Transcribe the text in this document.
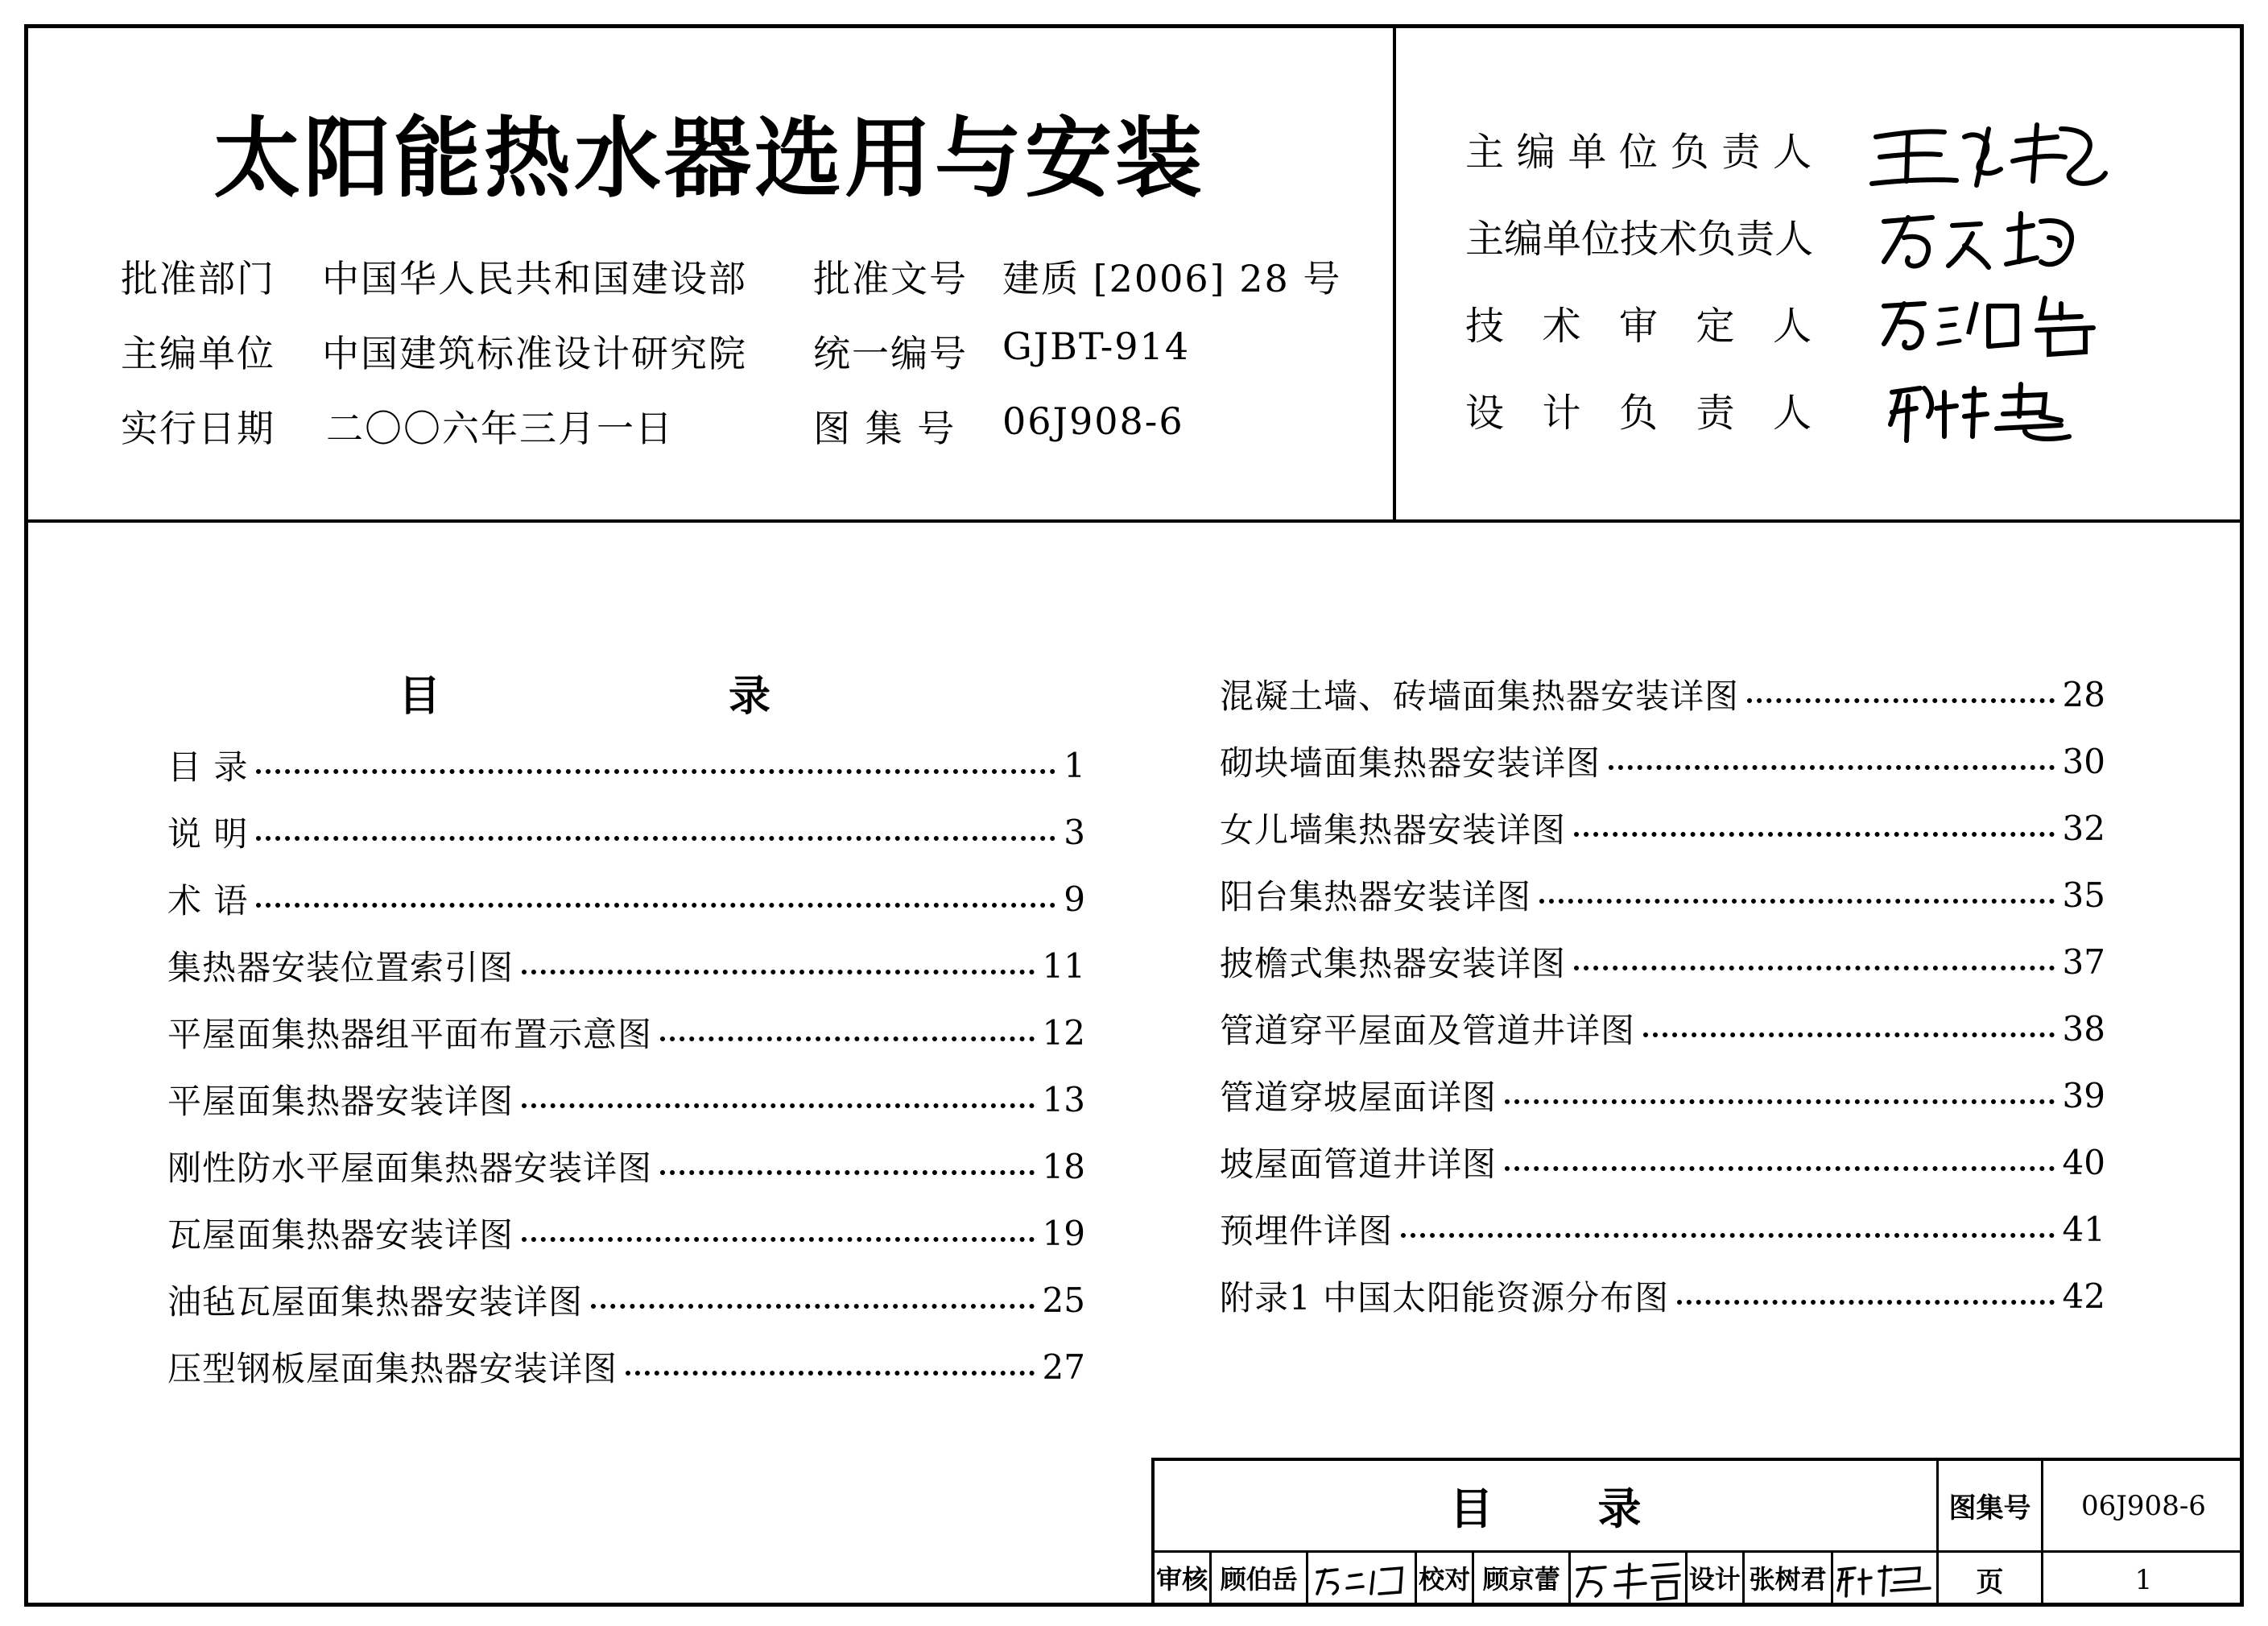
太阳能热水器选用与安装
批准部门 中国华人民共和国建设部 批准文号 建质 [2006] 28 号
主编单位 中国建筑标准设计研究院 统一编号 GJBT-914
实行日期 二〇〇六年三月一日	图 集 号 06J908-6
主 编 单 位 负 责 人
主 编 单 位 技 术 负 责 人
技 术 审 定 人
设 计 负 责 人
目	录
目 录	1
说 明	3
术 语	9
集热器安装位置索引图	11
平屋面集热器组平面布置示意图	12
平屋面集热器安装详图	13
刚性防水平屋面集热器安装详图	18
瓦屋面集热器安装详图	19
油毡瓦屋面集热器安装详图	25
压型钢板屋面集热器安装详图	27
混凝土墙、砖墙面集热器安装详图	28
砌块墙面集热器安装详图	30
女儿墙集热器安装详图	32
阳台集热器安装详图	35
披檐式集热器安装详图	37
管道穿平屋面及管道井详图	38
管道穿坡屋面详图	39
坡屋面管道井详图	40
预埋件详图	41
附录1 中国太阳能资源分布图	42
目 录	图集号	06J908-6
审核 顾伯岳	校对 顾京蕾	设计 张树君	页	1
